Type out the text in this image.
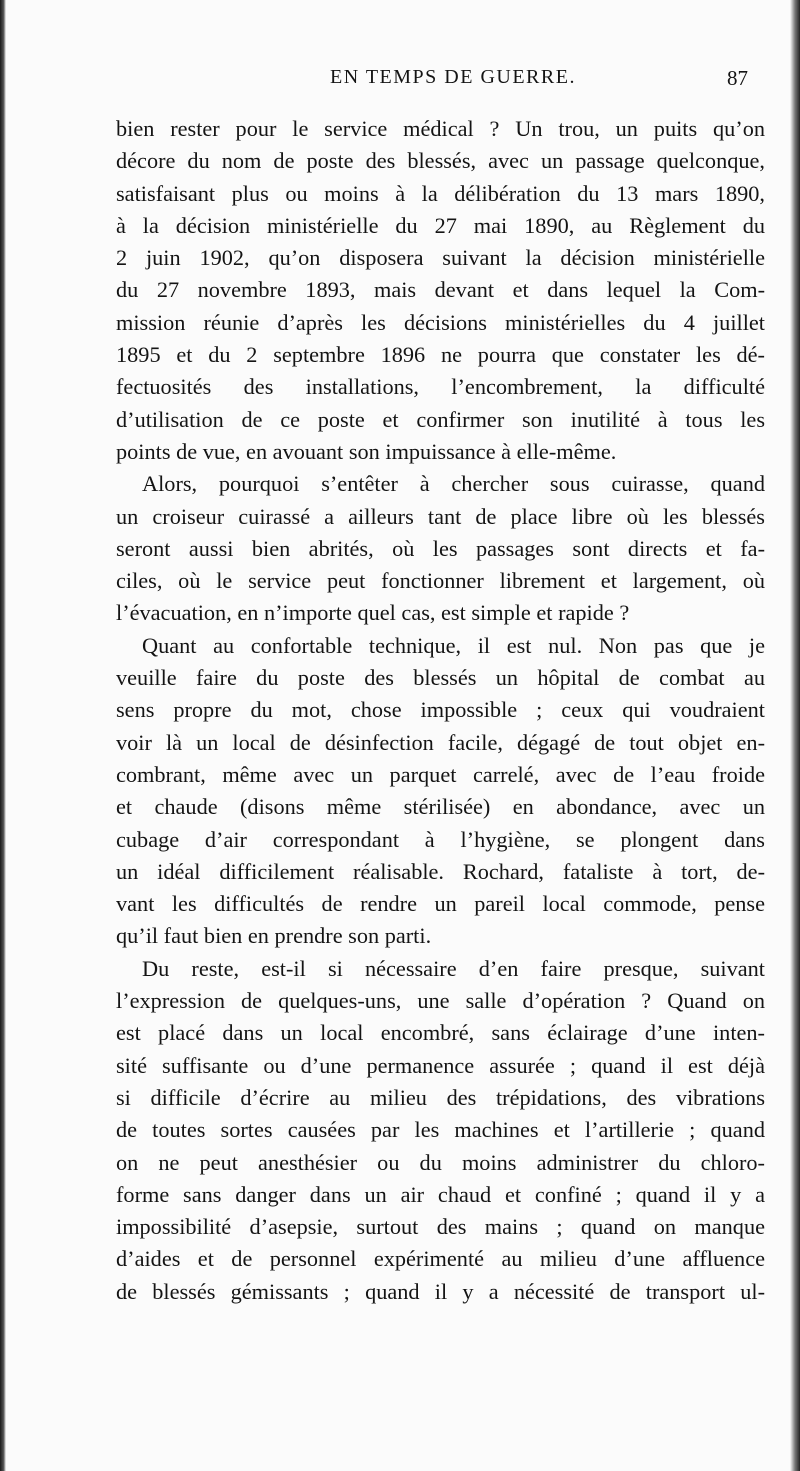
EN TEMPS DE GUERRE.	87
bien rester pour le service médical ? Un trou, un puits qu’on
décore du nom de poste des blessés, avec un passage quelconque,
satisfaisant plus ou moins à la délibération du 13 mars 1890,
à la décision ministérielle du 27 mai 1890, au Règlement du
2 juin 1902, qu’on disposera suivant la décision ministérielle
du 27 novembre 1893, mais devant et dans lequel la Com-
mission réunie d’après les décisions ministérielles du 4 juillet
1895 et du 2 septembre 1896 ne pourra que constater les dé-
fectuosités des installations, l’encombrement, la difficulté
d’utilisation de ce poste et confirmer son inutilité à tous les
points de vue, en avouant son impuissance à elle-même.
Alors, pourquoi s’entêter à chercher sous cuirasse, quand
un croiseur cuirassé a ailleurs tant de place libre où les blessés
seront aussi bien abrités, où les passages sont directs et fa-
ciles, où le service peut fonctionner librement et largement, où
l’évacuation, en n’importe quel cas, est simple et rapide ?
Quant au confortable technique, il est nul. Non pas que je
veuille faire du poste des blessés un hôpital de combat au
sens propre du mot, chose impossible ; ceux qui voudraient
voir là un local de désinfection facile, dégagé de tout objet en-
combrant, même avec un parquet carrelé, avec de l’eau froide
et chaude (disons même stérilisée) en abondance, avec un
cubage d’air correspondant à l’hygiène, se plongent dans
un idéal difficilement réalisable. Rochard, fataliste à tort, de-
vant les difficultés de rendre un pareil local commode, pense
qu’il faut bien en prendre son parti.
Du reste, est-il si nécessaire d’en faire presque, suivant
l’expression de quelques-uns, une salle d’opération ? Quand on
est placé dans un local encombré, sans éclairage d’une inten-
sité suffisante ou d’une permanence assurée ; quand il est déjà
si difficile d’écrire au milieu des trépidations, des vibrations
de toutes sortes causées par les machines et l’artillerie ; quand
on ne peut anesthésier ou du moins administrer du chloro-
forme sans danger dans un air chaud et confiné ; quand il y a
impossibilité d’asepsie, surtout des mains ; quand on manque
d’aides et de personnel expérimenté au milieu d’une affluence
de blessés gémissants ; quand il y a nécessité de transport ul-
